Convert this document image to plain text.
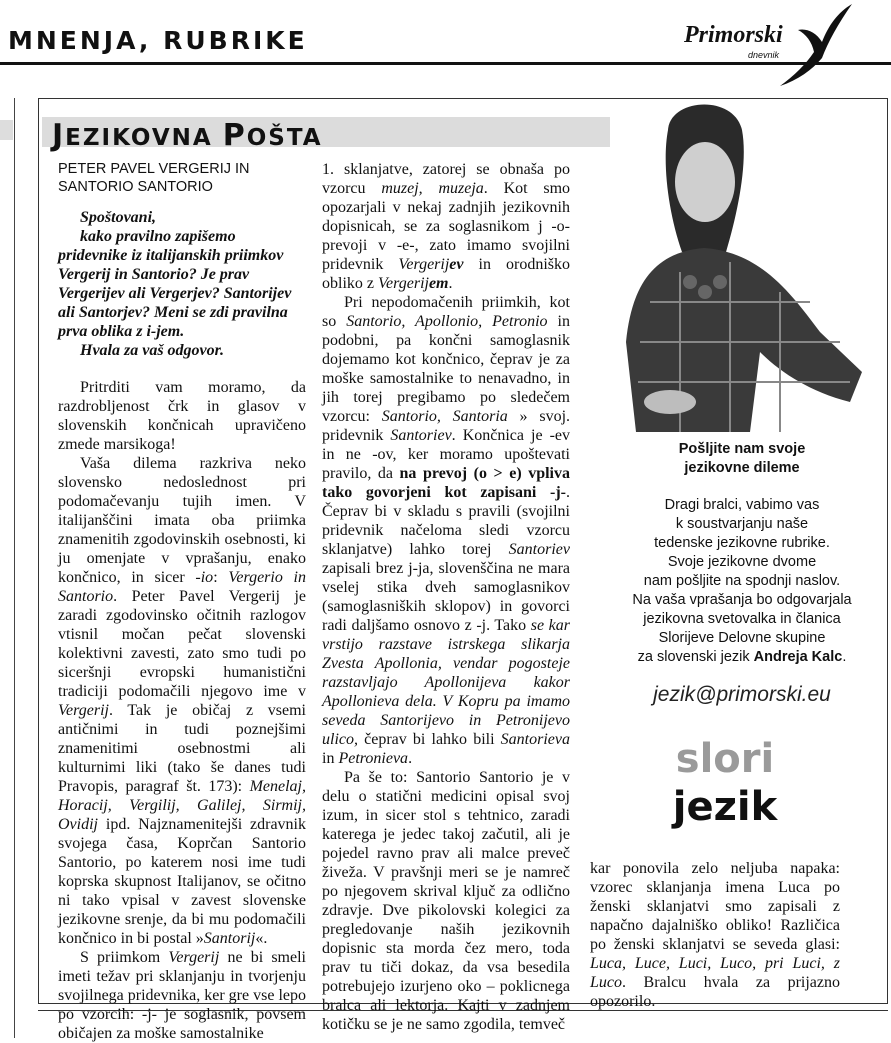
MNENJA, RUBRIKE	Primorski
dnevnik
JEZIKOVNA POŠTA

PETER PAVEL VERGERIJ IN SANTORIO SANTORIO

Spoštovani,
kako pravilno zapišemo pridevnike iz italijanskih priimkov Vergerij in Santorio? Je prav Vergerijev ali Vergerjev? Santorijev ali Santorjev? Meni se zdi pravilna prva oblika z i-jem.
Hvala za vaš odgovor.

Pritrditi vam moramo, da razdrobljenost črk in glasov v slovenskih končnicah upravičeno zmede marsikoga!

Vaša dilema razkriva neko slovensko nedoslednost pri podomačevanju tujih imen. V italijanščini imata oba priimka znamenitih zgodovinskih osebnosti, ki ju omenjate v vprašanju, enako končnico, in sicer -io: Vergerio in Santorio. Peter Pavel Vergerij je zaradi zgodovinsko očitnih razlogov vtisnil močan pečat slovenski kolektivni zavesti, zato smo tudi po siceršnji evropski humanistični tradiciji podomačili njegovo ime v Vergerij. Tak je običaj z vsemi antičnimi in tudi poznejšimi znamenitimi osebnostmi ali kulturnimi liki (tako še danes tudi Pravopis, paragraf št. 173): Menelaj, Horacij, Vergilij, Galilej, Sirmij, Ovidij ipd. Najznamenitejši zdravnik svojega časa, Koprčan Santorio Santorio, po katerem nosi ime tudi koprska skupnost Italijanov, se očitno ni tako vpisal v zavest slovenske jezikovne srenje, da bi mu podomačili končnico in bi postal »Santorij«.

S priimkom Vergerij ne bi smeli imeti težav pri sklanjanju in tvorjenju svojilnega pridevnika, ker gre vse lepo po vzorcih: -j- je soglasnik, povsem običajen za moške samostalnike

1. sklanjatve, zatorej se obnaša po vzorcu muzej, muzeja. Kot smo opozarjali v nekaj zadnjih jezikovnih dopisnicah, se za soglasnikom j -o- prevoji v -e-, zato imamo svojilni pridevnik Vergerijev in orodniško obliko z Vergerijem.

Pri nepodomačenih priimkih, kot so Santorio, Apollonio, Petronio in podobni, pa končni samoglasnik dojemamo kot končnico, čeprav je za moške samostalnike to nenavadno, in jih torej pregibamo po sledečem vzorcu: Santorio, Santoria » svoj. pridevnik Santoriev. Končnica je -ev in ne -ov, ker moramo upoštevati pravilo, da na prevoj (o > e) vpliva tako govorjeni kot zapisani -j-. Čeprav bi v skladu s pravili (svojilni pridevnik načeloma sledi vzorcu sklanjatve) lahko torej Santoriev zapisali brez j-ja, slovenščina ne mara vselej stika dveh samoglasnikov (samoglasniških sklopov) in govorci radi daljšamo osnovo z -j. Tako se kar vrstijo razstave istrskega slikarja Zvesta Apollonia, vendar pogosteje razstavljajo Apollonijeva kakor Apollonieva dela. V Kopru pa imamo seveda Santorijevo in Petronijevo ulico, čeprav bi lahko bili Santorieva in Petronieva.

Pa še to: Santorio Santorio je v delu o statični medicini opisal svoj izum, in sicer stol s tehtnico, zaradi katerega je jedec takoj začutil, ali je pojedel ravno prav ali malce preveč živeža. V pravšnji meri se je namreč po njegovem skrival ključ za odlično zdravje. Dve pikolovski kolegici za pregledovanje naših jezikovnih dopisnic sta morda čez mero, toda prav tu tiči dokaz, da vsa besedila potrebujejo izurjeno oko – poklicnega bralca ali lektorja. Kajti v zadnjem kotičku se je ne samo zgodila, temveč

kar ponovila zelo neljuba napaka: vzorec sklanjanja imena Luca po ženski sklanjatvi smo zapisali z napačno dajalniško obliko! Različica po ženski sklanjatvi se seveda glasi: Luca, Luce, Luci, Luco, pri Luci, z Luco. Bralcu hvala za prijazno opozorilo.

Pošljite nam svoje
jezikovne dileme
Dragi bralci, vabimo vas
k soustvarjanju naše
tedenske jezikovne rubrike.
Svoje jezikovne dvome
nam pošljite na spodnji naslov.
Na vaša vprašanja bo odgovarjala
jezikovna svetovalka in članica
Slorijeve Delovne skupine
za slovenski jezik Andreja Kalc.
jezik@primorski.eu
slori
jezik
